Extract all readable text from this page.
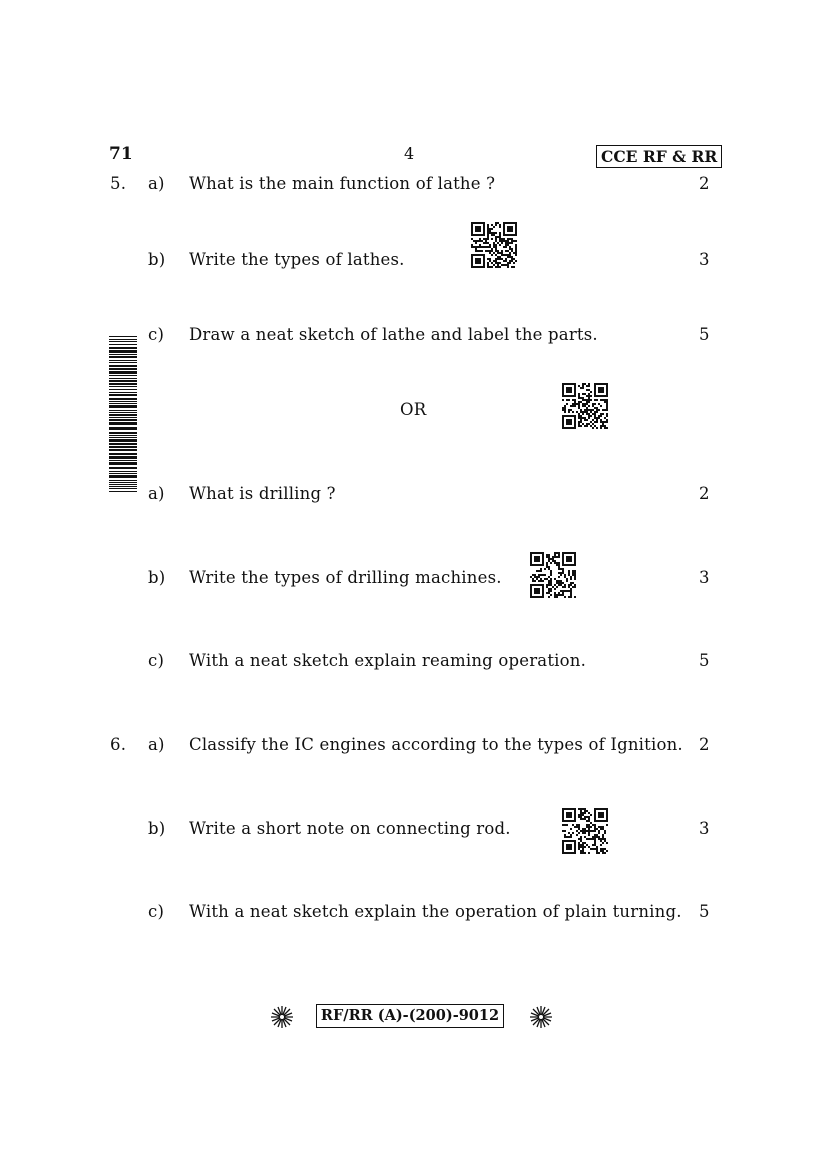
71	4	CCE RF & RR
5. a) What is the main function of lathe ?	2
b) Write the types of lathes.	3
c) Draw a neat sketch of lathe and label the parts.	5
OR
a) What is drilling ?	2
b) Write the types of drilling machines.	3
c) With a neat sketch explain reaming operation.	5
6. a) Classify the IC engines according to the types of Ignition. 2
b) Write a short note on connecting rod.	3
c) With a neat sketch explain the operation of plain turning. 5
RF/RR (A)-(200)-9012
